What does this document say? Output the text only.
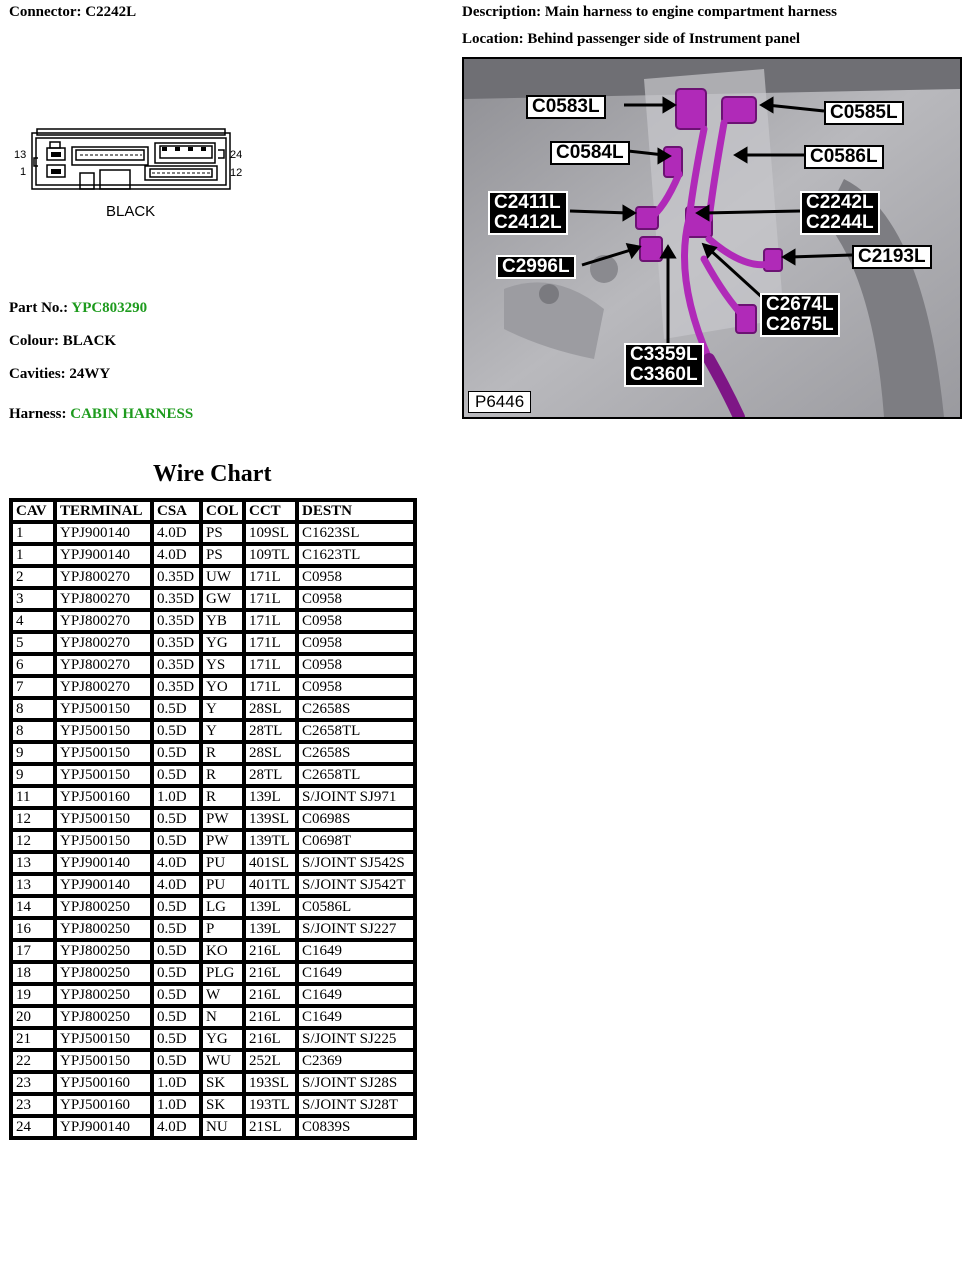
Connector: C2242L	Description: Main harness to engine compartment harness
Location: Behind passenger side of Instrument panel
13
1
24
12
BLACK
Part No.: YPC803290
Colour: BLACK
Cavities: 24WY
Harness: CABIN HARNESS
C0583L	C0585L
C0584L	C0586L
C2411L
C2412L
C2242L
C2244L
C2193L
C2996L
C2674L
C2675L
C3359L
C3360L
P6446
Wire Chart
CAV	TERMINAL	CSA	COL	CCT	DESTN
1	YPJ900140	4.0D	PS	109SL	C1623SL
1	YPJ900140	4.0D	PS	109TL	C1623TL
2	YPJ800270	0.35D	UW	171L	C0958
3	YPJ800270	0.35D	GW	171L	C0958
4	YPJ800270	0.35D	YB	171L	C0958
5	YPJ800270	0.35D	YG	171L	C0958
6	YPJ800270	0.35D	YS	171L	C0958
7	YPJ800270	0.35D	YO	171L	C0958
8	YPJ500150	0.5D	Y	28SL	C2658S
8	YPJ500150	0.5D	Y	28TL	C2658TL
9	YPJ500150	0.5D	R	28SL	C2658S
9	YPJ500150	0.5D	R	28TL	C2658TL
11	YPJ500160	1.0D	R	139L	S/JOINT SJ971
12	YPJ500150	0.5D	PW	139SL	C0698S
12	YPJ500150	0.5D	PW	139TL	C0698T
13	YPJ900140	4.0D	PU	401SL	S/JOINT SJ542S
13	YPJ900140	4.0D	PU	401TL	S/JOINT SJ542T
14	YPJ800250	0.5D	LG	139L	C0586L
16	YPJ800250	0.5D	P	139L	S/JOINT SJ227
17	YPJ800250	0.5D	KO	216L	C1649
18	YPJ800250	0.5D	PLG	216L	C1649
19	YPJ800250	0.5D	W	216L	C1649
20	YPJ800250	0.5D	N	216L	C1649
21	YPJ500150	0.5D	YG	216L	S/JOINT SJ225
22	YPJ500150	0.5D	WU	252L	C2369
23	YPJ500160	1.0D	SK	193SL	S/JOINT SJ28S
23	YPJ500160	1.0D	SK	193TL	S/JOINT SJ28T
24	YPJ900140	4.0D	NU	21SL	C0839S
